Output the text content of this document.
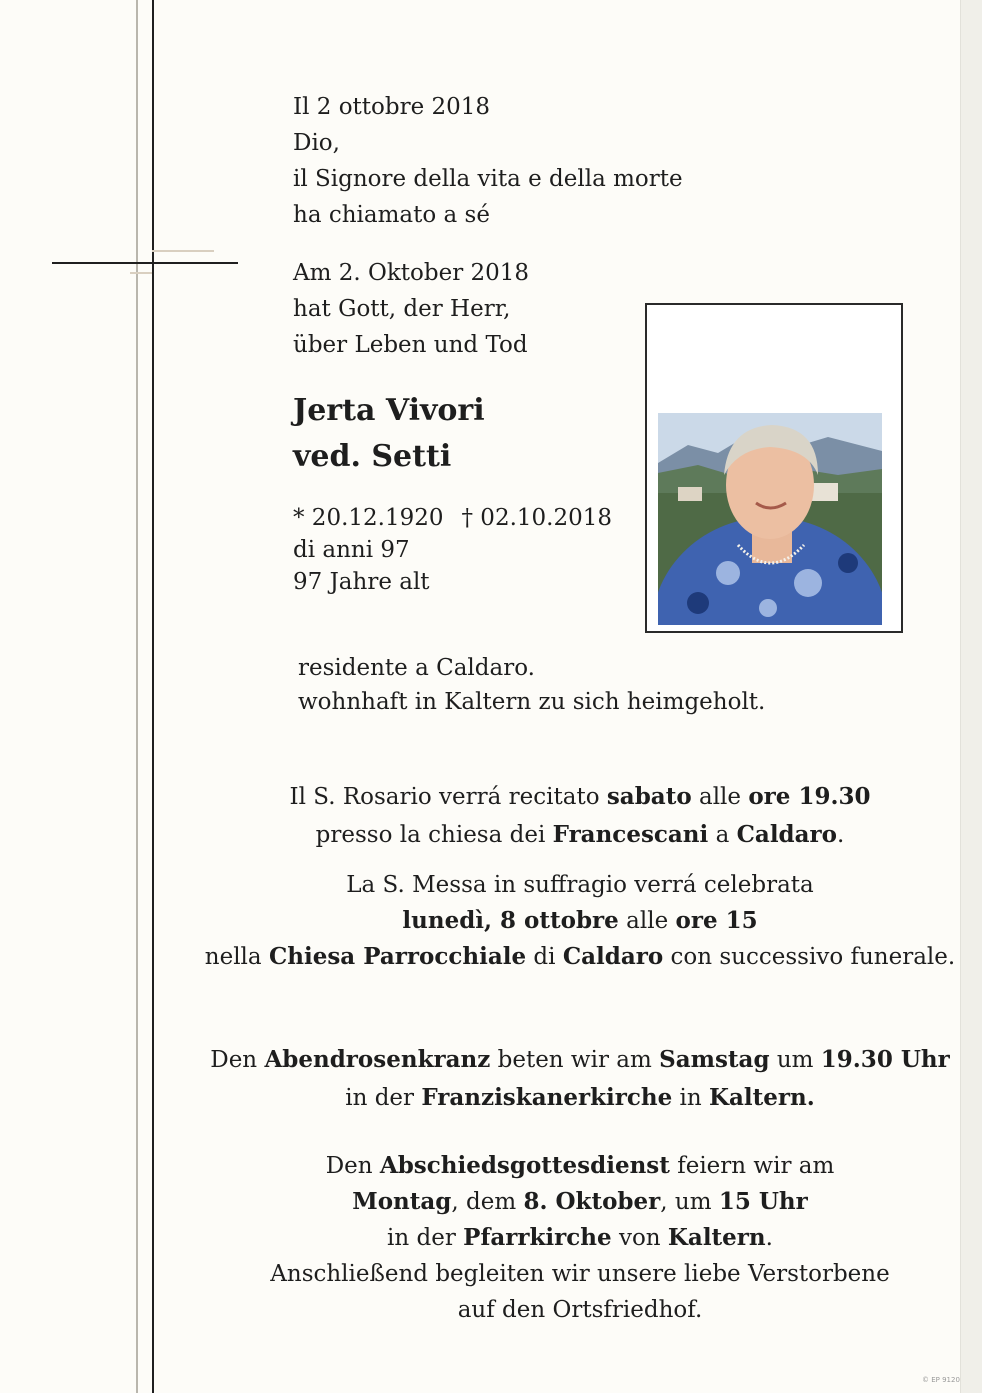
Il 2 ottobre 2018
Dio,
il Signore della vita e della morte
ha chiamato a sé
Am 2. Oktober 2018
hat Gott, der Herr,
über Leben und Tod
Jerta Vivori
ved. Setti
* 20.12.1920 † 02.10.2018
di anni 97
97 Jahre alt
residente a Caldaro.
wohnhaft in Kaltern zu sich heimgeholt.
Il S. Rosario verrá recitato sabato alle ore 19.30
presso la chiesa dei Francescani a Caldaro.
La S. Messa in suffragio verrá celebrata
lunedì, 8 ottobre alle ore 15
nella Chiesa Parrocchiale di Caldaro con successivo funerale.
Den Abendrosenkranz beten wir am Samstag um 19.30 Uhr
in der Franziskanerkirche in Kaltern.
Den Abschiedsgottesdienst feiern wir am
Montag, dem 8. Oktober, um 15 Uhr
in der Pfarrkirche von Kaltern.
Anschließend begleiten wir unsere liebe Verstorbene
auf den Ortsfriedhof.
© EP 9120
